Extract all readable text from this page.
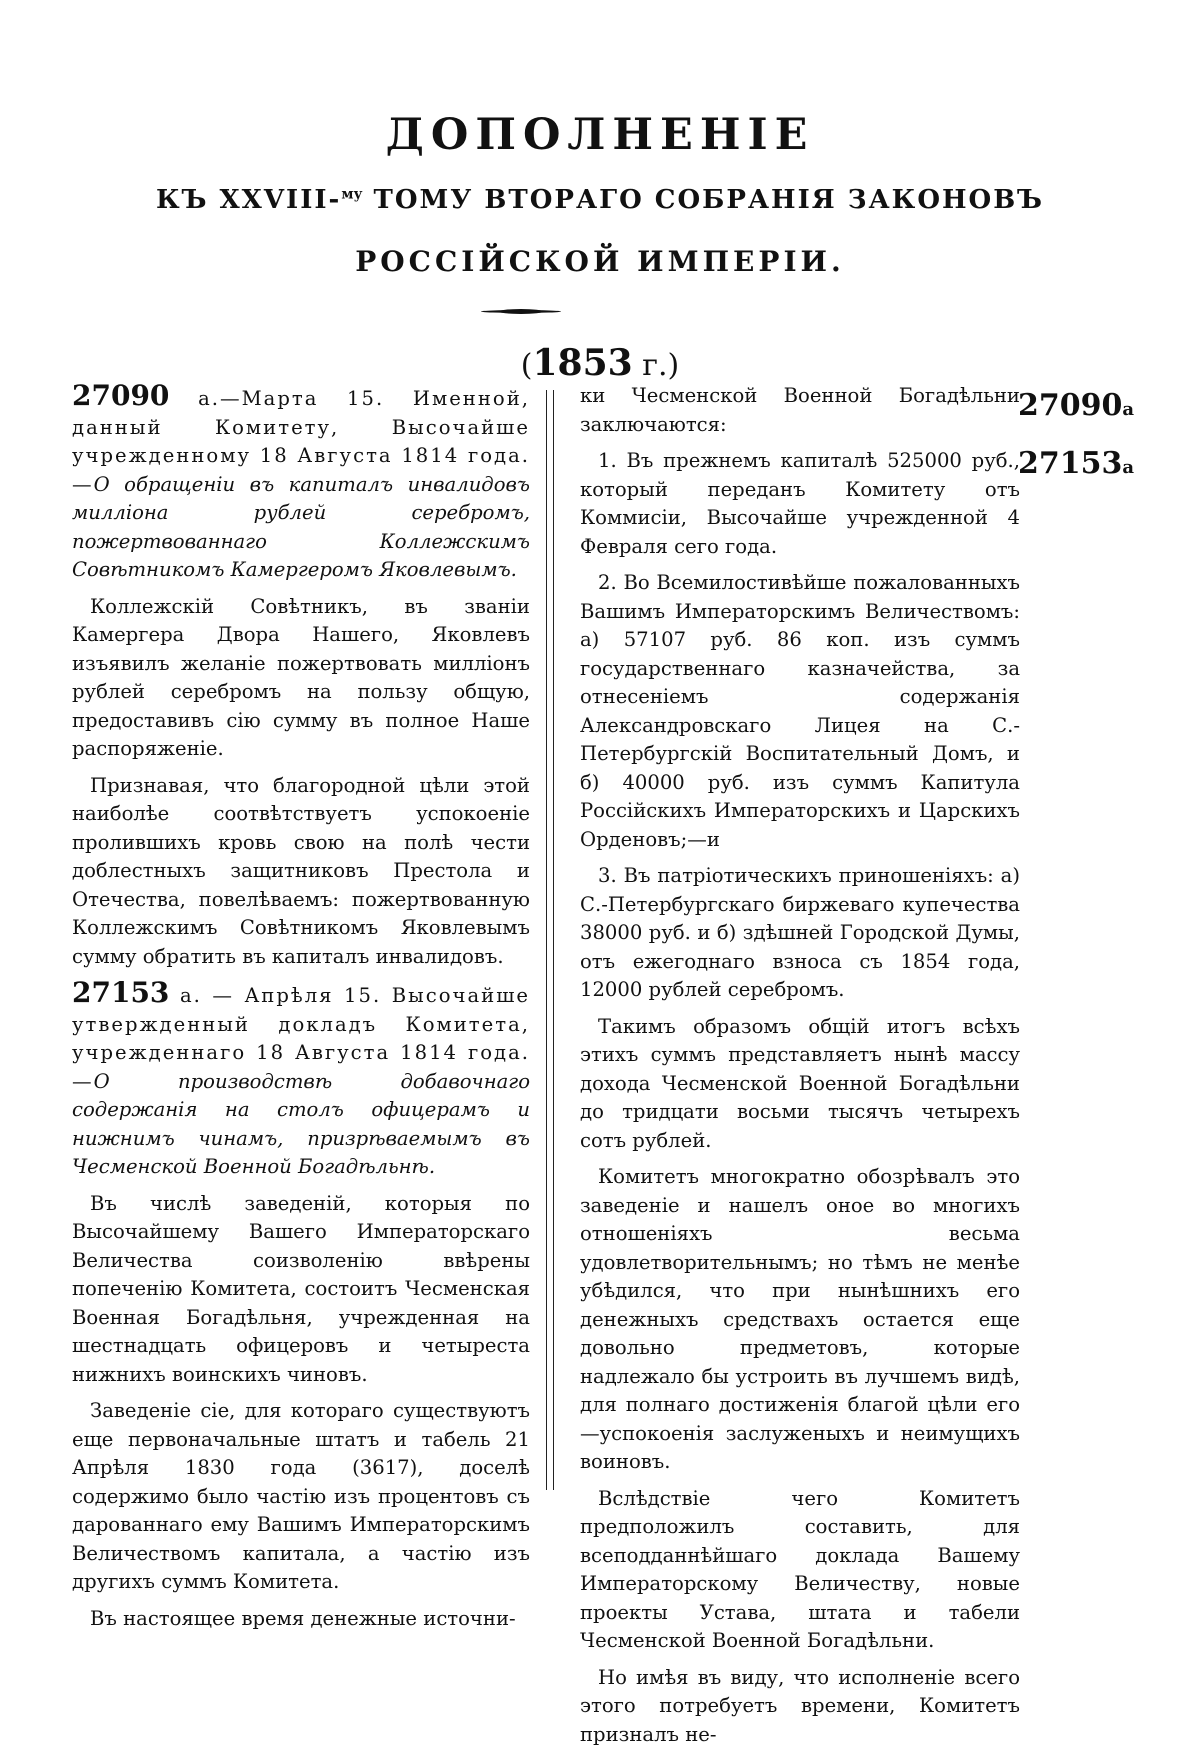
ДОПОЛНЕНІЕ
КЪ XXVIII-$^{му}$ ТОМУ ВТОРАГО СОБРАНІЯ ЗАКОНОВЪ
РОССІЙСКОЙ ИМПЕРІИ.
(1853 г.)

27090 а.—Марта 15. Именной, данный Комитету, Высочайше учрежденному 18 Августа 1814 года.—О обращеніи въ капиталъ инвалидовъ милліона рублей серебромъ, пожертвованнаго Коллежскимъ Совѣтникомъ Камергеромъ Яковлевымъ.

Коллежскій Совѣтникъ, въ званіи Камергера Двора Нашего, Яковлевъ изъявилъ желаніе пожертвовать милліонъ рублей серебромъ на пользу общую, предоставивъ сію сумму въ полное Наше распоряженіе.

Признавая, что благородной цѣли этой наиболѣе соотвѣтствуетъ успокоеніе пролившихъ кровь свою на полѣ чести доблестныхъ защитниковъ Престола и Отечества, повелѣваемъ: пожертвованную Коллежскимъ Совѣтникомъ Яковлевымъ сумму обратить въ капиталъ инвалидовъ.

27153 а. — Апрѣля 15. Высочайше утвержденный докладъ Комитета, учрежденнаго 18 Августа 1814 года.—О производствѣ добавочнаго содержанія на столъ офицерамъ и нижнимъ чинамъ, призрѣваемымъ въ Чесменской Военной Богадѣльнѣ.

Въ числѣ заведеній, которыя по Высочайшему Вашего Императорскаго Величества соизволенію ввѣрены попеченію Комитета, состоитъ Чесменская Военная Богадѣльня, учрежденная на шестнадцать офицеровъ и четыреста нижнихъ воинскихъ чиновъ.

Заведеніе сіе, для котораго существуютъ еще первоначальные штатъ и табель 21 Апрѣля 1830 года (3617), доселѣ содержимо было частію изъ процентовъ съ дарованнаго ему Вашимъ Императорскимъ Величествомъ капитала, а частію изъ другихъ суммъ Комитета.

Въ настоящее время денежные источни-

ки Чесменской Военной Богадѣльни заключаются:

1. Въ прежнемъ капиталѣ 525000 руб., который переданъ Комитету отъ Коммисіи, Высочайше учрежденной 4 Февраля сего года.

2. Во Всемилостивѣйше пожалованныхъ Вашимъ Императорскимъ Величествомъ: а) 57107 руб. 86 коп. изъ суммъ государственнаго казначейства, за отнесеніемъ содержанія Александровскаго Лицея на С.-Петербургскій Воспитательный Домъ, и б) 40000 руб. изъ суммъ Капитула Россійскихъ Императорскихъ и Царскихъ Орденовъ;—и

3. Въ патріотическихъ приношеніяхъ: а) С.-Петербургскаго биржеваго купечества 38000 руб. и б) здѣшней Городской Думы, отъ ежегоднаго взноса съ 1854 года, 12000 рублей серебромъ.

Такимъ образомъ общій итогъ всѣхъ этихъ суммъ представляетъ нынѣ массу дохода Чесменской Военной Богадѣльни до тридцати восьми тысячъ четырехъ сотъ рублей.

Комитетъ многократно обозрѣвалъ это заведеніе и нашелъ оное во многихъ отношеніяхъ весьма удовлетворительнымъ; но тѣмъ не менѣе убѣдился, что при нынѣшнихъ его денежныхъ средствахъ остается еще довольно предметовъ, которые надлежало бы устроить въ лучшемъ видѣ, для полнаго достиженія благой цѣли его—успокоенія заслуженыхъ и неимущихъ воиновъ.

Вслѣдствіе чего Комитетъ предположилъ составить, для всеподданнѣйшаго доклада Вашему Императорскому Величеству, новые проекты Устава, штата и табели Чесменской Военной Богадѣльни.

Но имѣя въ виду, что исполненіе всего этого потребуетъ времени, Комитетъ призналъ не-

27090а
27153а
